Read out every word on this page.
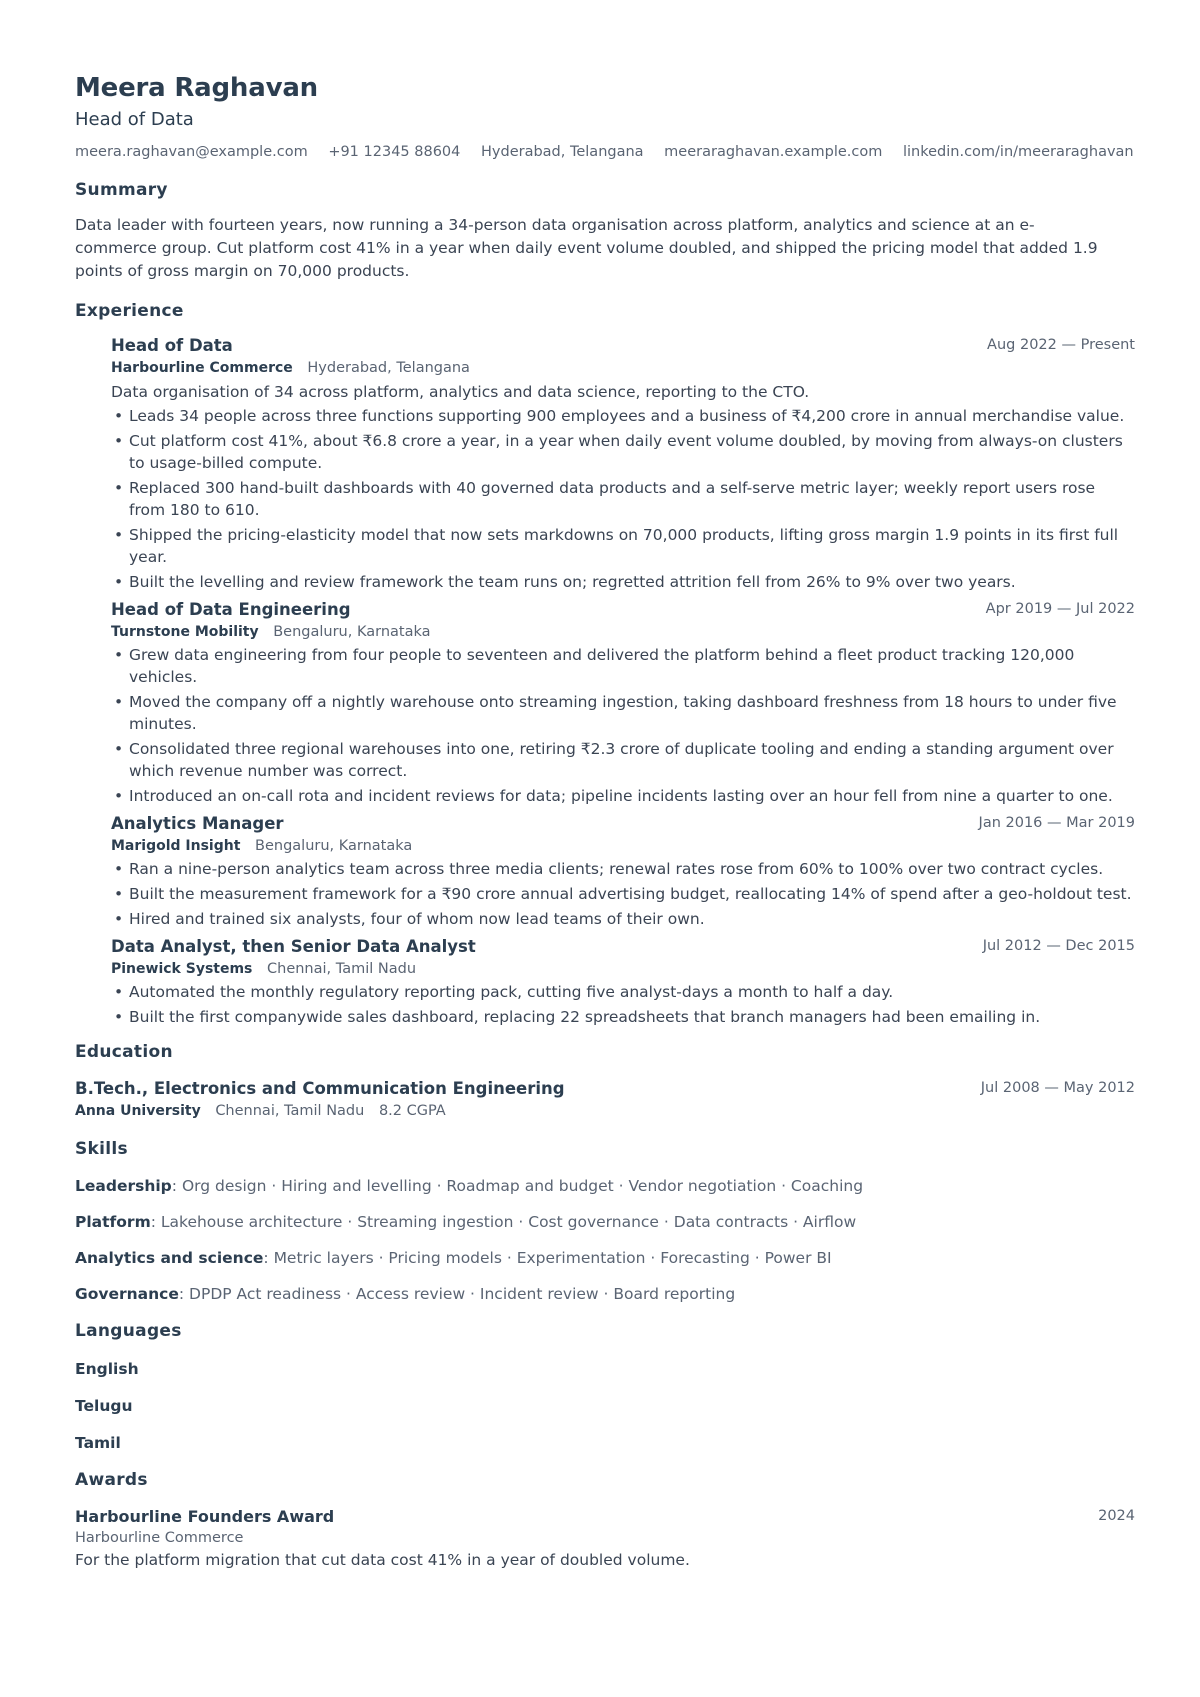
Meera Raghavan
Head of Data
meera.raghavan@example.com +91 12345 88604 Hyderabad, Telangana meeraraghavan.example.com linkedin.com/in/meeraraghavan
Summary
Data leader with fourteen years, now running a 34-person data organisation across platform, analytics and science at an e-commerce group. Cut platform cost 41% in a year when daily event volume doubled, and shipped the pricing model that added 1.9 points of gross margin on 70,000 products.
Experience
Head of Data	Aug 2022 — Present
Harbourline Commerce Hyderabad, Telangana
Data organisation of 34 across platform, analytics and data science, reporting to the CTO.
• Leads 34 people across three functions supporting 900 employees and a business of ₹4,200 crore in annual merchandise value.
• Cut platform cost 41%, about ₹6.8 crore a year, in a year when daily event volume doubled, by moving from always-on clusters to usage-billed compute.
• Replaced 300 hand-built dashboards with 40 governed data products and a self-serve metric layer; weekly report users rose from 180 to 610.
• Shipped the pricing-elasticity model that now sets markdowns on 70,000 products, lifting gross margin 1.9 points in its first full year.
• Built the levelling and review framework the team runs on; regretted attrition fell from 26% to 9% over two years.
Head of Data Engineering	Apr 2019 — Jul 2022
Turnstone Mobility Bengaluru, Karnataka
• Grew data engineering from four people to seventeen and delivered the platform behind a fleet product tracking 120,000 vehicles.
• Moved the company off a nightly warehouse onto streaming ingestion, taking dashboard freshness from 18 hours to under five minutes.
• Consolidated three regional warehouses into one, retiring ₹2.3 crore of duplicate tooling and ending a standing argument over which revenue number was correct.
• Introduced an on-call rota and incident reviews for data; pipeline incidents lasting over an hour fell from nine a quarter to one.
Analytics Manager	Jan 2016 — Mar 2019
Marigold Insight Bengaluru, Karnataka
• Ran a nine-person analytics team across three media clients; renewal rates rose from 60% to 100% over two contract cycles.
• Built the measurement framework for a ₹90 crore annual advertising budget, reallocating 14% of spend after a geo-holdout test.
• Hired and trained six analysts, four of whom now lead teams of their own.
Data Analyst, then Senior Data Analyst	Jul 2012 — Dec 2015
Pinewick Systems Chennai, Tamil Nadu
• Automated the monthly regulatory reporting pack, cutting five analyst-days a month to half a day.
• Built the first companywide sales dashboard, replacing 22 spreadsheets that branch managers had been emailing in.
Education
B.Tech., Electronics and Communication Engineering	Jul 2008 — May 2012
Anna University Chennai, Tamil Nadu 8.2 CGPA
Skills
Leadership: Org design · Hiring and levelling · Roadmap and budget · Vendor negotiation · Coaching
Platform: Lakehouse architecture · Streaming ingestion · Cost governance · Data contracts · Airflow
Analytics and science: Metric layers · Pricing models · Experimentation · Forecasting · Power BI
Governance: DPDP Act readiness · Access review · Incident review · Board reporting
Languages
English
Telugu
Tamil
Awards
Harbourline Founders Award	2024
Harbourline Commerce
For the platform migration that cut data cost 41% in a year of doubled volume.
